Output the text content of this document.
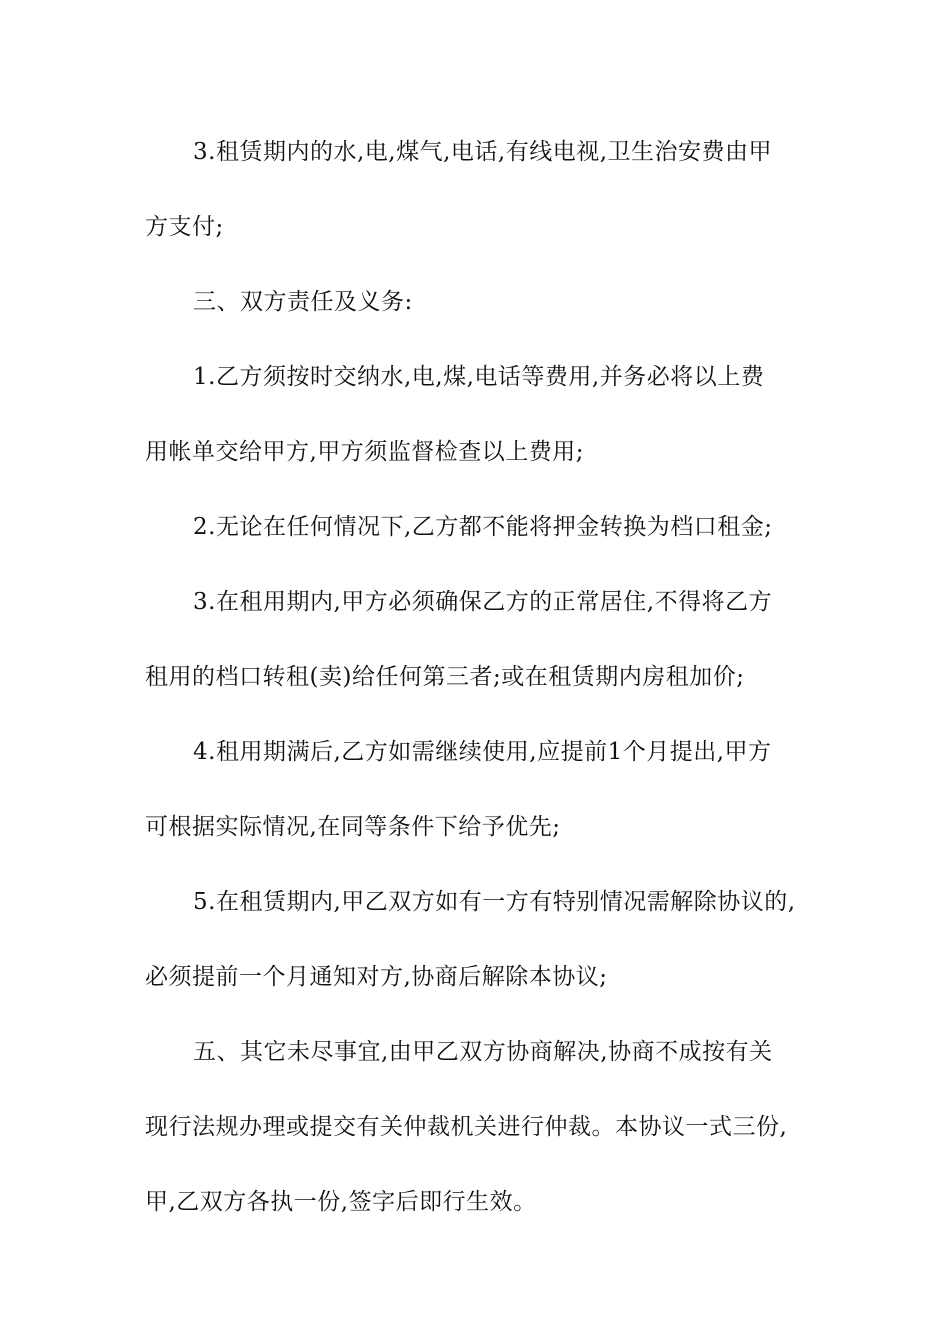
3.租赁期内的水,电,煤气,电话,有线电视,卫生治安费由甲
方支付;
三、双方责任及义务:
1.乙方须按时交纳水,电,煤,电话等费用,并务必将以上费
用帐单交给甲方,甲方须监督检查以上费用;
2.无论在任何情况下,乙方都不能将押金转换为档口租金;
3.在租用期内,甲方必须确保乙方的正常居住,不得将乙方
租用的档口转租(卖)给任何第三者;或在租赁期内房租加价;
4.租用期满后,乙方如需继续使用,应提前1个月提出,甲方
可根据实际情况,在同等条件下给予优先;
5.在租赁期内,甲乙双方如有一方有特别情况需解除协议的,
必须提前一个月通知对方,协商后解除本协议;
五、其它未尽事宜,由甲乙双方协商解决,协商不成按有关
现行法规办理或提交有关仲裁机关进行仲裁。本协议一式三份,
甲,乙双方各执一份,签字后即行生效。
